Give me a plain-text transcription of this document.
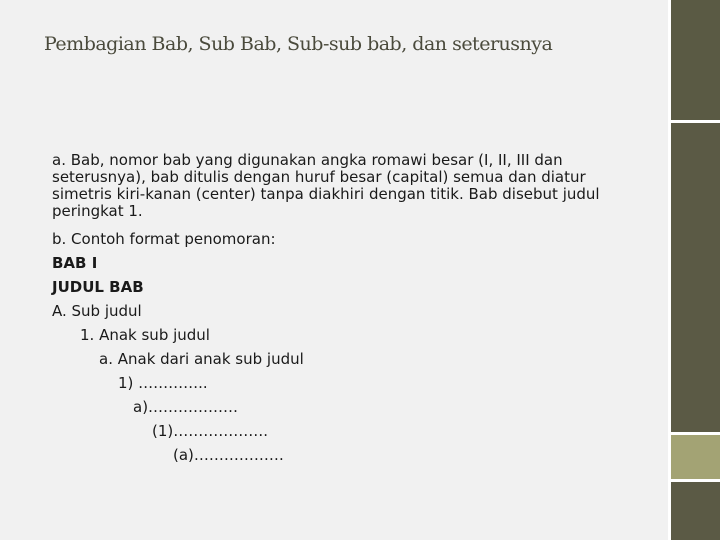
Pembagian Bab, Sub Bab, Sub-sub bab, dan seterusnya

a. Bab, nomor bab yang digunakan angka romawi besar (I, II, III dan seterusnya), bab ditulis dengan huruf besar (capital) semua dan diatur simetris kiri-kanan (center) tanpa diakhiri dengan titik. Bab disebut judul peringkat 1.

b. Contoh format penomoran:
BAB I
JUDUL BAB
A. Sub judul
1. Anak sub judul
a. Anak dari anak sub judul
1) …………..
a)………………
(1)……………….
(a)………………
